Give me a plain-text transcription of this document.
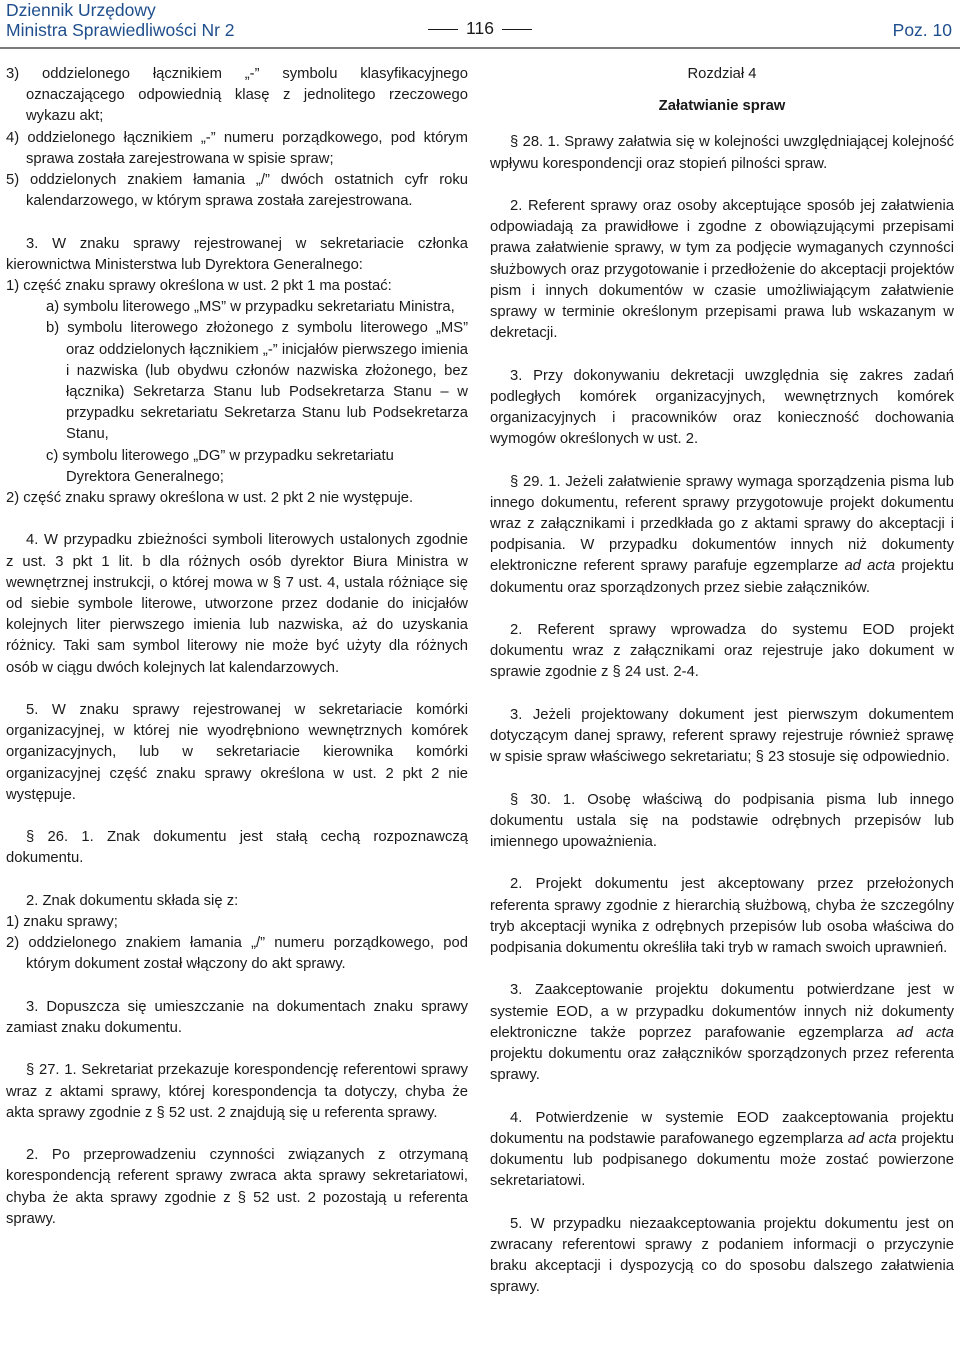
Dziennik Urzędowy
Ministra Sprawiedliwości Nr 2	116	Poz. 10

3) oddzielonego łącznikiem „-” symbolu klasyfikacyjnego oznaczającego odpowiednią klasę z jednolitego rzeczowego wykazu akt;

4) oddzielonego łącznikiem „-” numeru porządkowego, pod którym sprawa została zarejestrowana w spisie spraw;

5) oddzielonych znakiem łamania „/” dwóch ostatnich cyfr roku kalendarzowego, w którym sprawa została zarejestrowana.

3. W znaku sprawy rejestrowanej w sekretariacie członka kierownictwa Ministerstwa lub Dyrektora Generalnego:

1) część znaku sprawy określona w ust. 2 pkt 1 ma postać:

a) symbolu literowego „MS” w przypadku sekretariatu Ministra,

b) symbolu literowego złożonego z symbolu literowego „MS” oraz oddzielonych łącznikiem „-” inicjałów pierwszego imienia i nazwiska (lub obydwu członów nazwiska złożonego, bez łącznika) Sekretarza Stanu lub Podsekretarza Stanu – w przypadku sekretariatu Sekretarza Stanu lub Podsekretarza Stanu,

c) symbolu literowego „DG” w przypadku sekretariatu

Dyrektora Generalnego;

2) część znaku sprawy określona w ust. 2 pkt 2 nie występuje.

4. W przypadku zbieżności symboli literowych ustalonych zgodnie z ust. 3 pkt 1 lit. b dla różnych osób dyrektor Biura Ministra w wewnętrznej instrukcji, o której mowa w § 7 ust. 4, ustala różniące się od siebie symbole literowe, utworzone przez dodanie do inicjałów kolejnych liter pierwszego imienia lub nazwiska, aż do uzyskania różnicy. Taki sam symbol literowy nie może być użyty dla różnych osób w ciągu dwóch kolejnych lat kalendarzowych.

5. W znaku sprawy rejestrowanej w sekretariacie komórki organizacyjnej, w której nie wyodrębniono wewnętrznych komórek organizacyjnych, lub w sekretariacie kierownika komórki organizacyjnej część znaku sprawy określona w ust. 2 pkt 2 nie występuje.

§ 26. 1. Znak dokumentu jest stałą cechą rozpoznawczą dokumentu.

2. Znak dokumentu składa się z:

1) znaku sprawy;

2) oddzielonego znakiem łamania „/” numeru porządkowego, pod którym dokument został włączony do akt sprawy.

3. Dopuszcza się umieszczanie na dokumentach znaku sprawy zamiast znaku dokumentu.

§ 27. 1. Sekretariat przekazuje korespondencję referentowi sprawy wraz z aktami sprawy, której korespondencja ta dotyczy, chyba że akta sprawy zgodnie z § 52 ust. 2 znajdują się u referenta sprawy.

2. Po przeprowadzeniu czynności związanych z otrzymaną korespondencją referent sprawy zwraca akta sprawy sekretariatowi, chyba że akta sprawy zgodnie z § 52 ust. 2 pozostają u referenta sprawy.

Rozdział 4

Załatwianie spraw

§ 28. 1. Sprawy załatwia się w kolejności uwzględniającej kolejność wpływu korespondencji oraz stopień pilności spraw.

2. Referent sprawy oraz osoby akceptujące sposób jej załatwienia odpowiadają za prawidłowe i zgodne z obowiązującymi przepisami prawa załatwienie sprawy, w tym za podjęcie wymaganych czynności służbowych oraz przygotowanie i przedłożenie do akceptacji projektów pism i innych dokumentów w czasie umożliwiającym załatwienie sprawy w terminie określonym przepisami prawa lub wskazanym w dekretacji.

3. Przy dokonywaniu dekretacji uwzględnia się zakres zadań podległych komórek organizacyjnych, wewnętrznych komórek organizacyjnych i pracowników oraz konieczność dochowania wymogów określonych w ust. 2.

§ 29. 1. Jeżeli załatwienie sprawy wymaga sporządzenia pisma lub innego dokumentu, referent sprawy przygotowuje projekt dokumentu wraz z załącznikami i przedkłada go z aktami sprawy do akceptacji i podpisania. W przypadku dokumentów innych niż dokumenty elektroniczne referent sprawy parafuje egzemplarze ad acta projektu dokumentu oraz sporządzonych przez siebie załączników.

2. Referent sprawy wprowadza do systemu EOD projekt dokumentu wraz z załącznikami oraz rejestruje jako dokument w sprawie zgodnie z § 24 ust. 2-4.

3. Jeżeli projektowany dokument jest pierwszym dokumentem dotyczącym danej sprawy, referent sprawy rejestruje również sprawę w spisie spraw właściwego sekretariatu; § 23 stosuje się odpowiednio.

§ 30. 1. Osobę właściwą do podpisania pisma lub innego dokumentu ustala się na podstawie odrębnych przepisów lub imiennego upoważnienia.

2. Projekt dokumentu jest akceptowany przez przełożonych referenta sprawy zgodnie z hierarchią służbową, chyba że szczególny tryb akceptacji wynika z odrębnych przepisów lub osoba właściwa do podpisania dokumentu określiła taki tryb w ramach swoich uprawnień.

3. Zaakceptowanie projektu dokumentu potwierdzane jest w systemie EOD, a w przypadku dokumentów innych niż dokumenty elektroniczne także poprzez parafowanie egzemplarza ad acta projektu dokumentu oraz załączników sporządzonych przez referenta sprawy.

4. Potwierdzenie w systemie EOD zaakceptowania projektu dokumentu na podstawie parafowanego egzemplarza ad acta projektu dokumentu lub podpisanego dokumentu może zostać powierzone sekretariatowi.

5. W przypadku niezaakceptowania projektu dokumentu jest on zwracany referentowi sprawy z podaniem informacji o przyczynie braku akceptacji i dyspozycją co do sposobu dalszego załatwienia sprawy.
